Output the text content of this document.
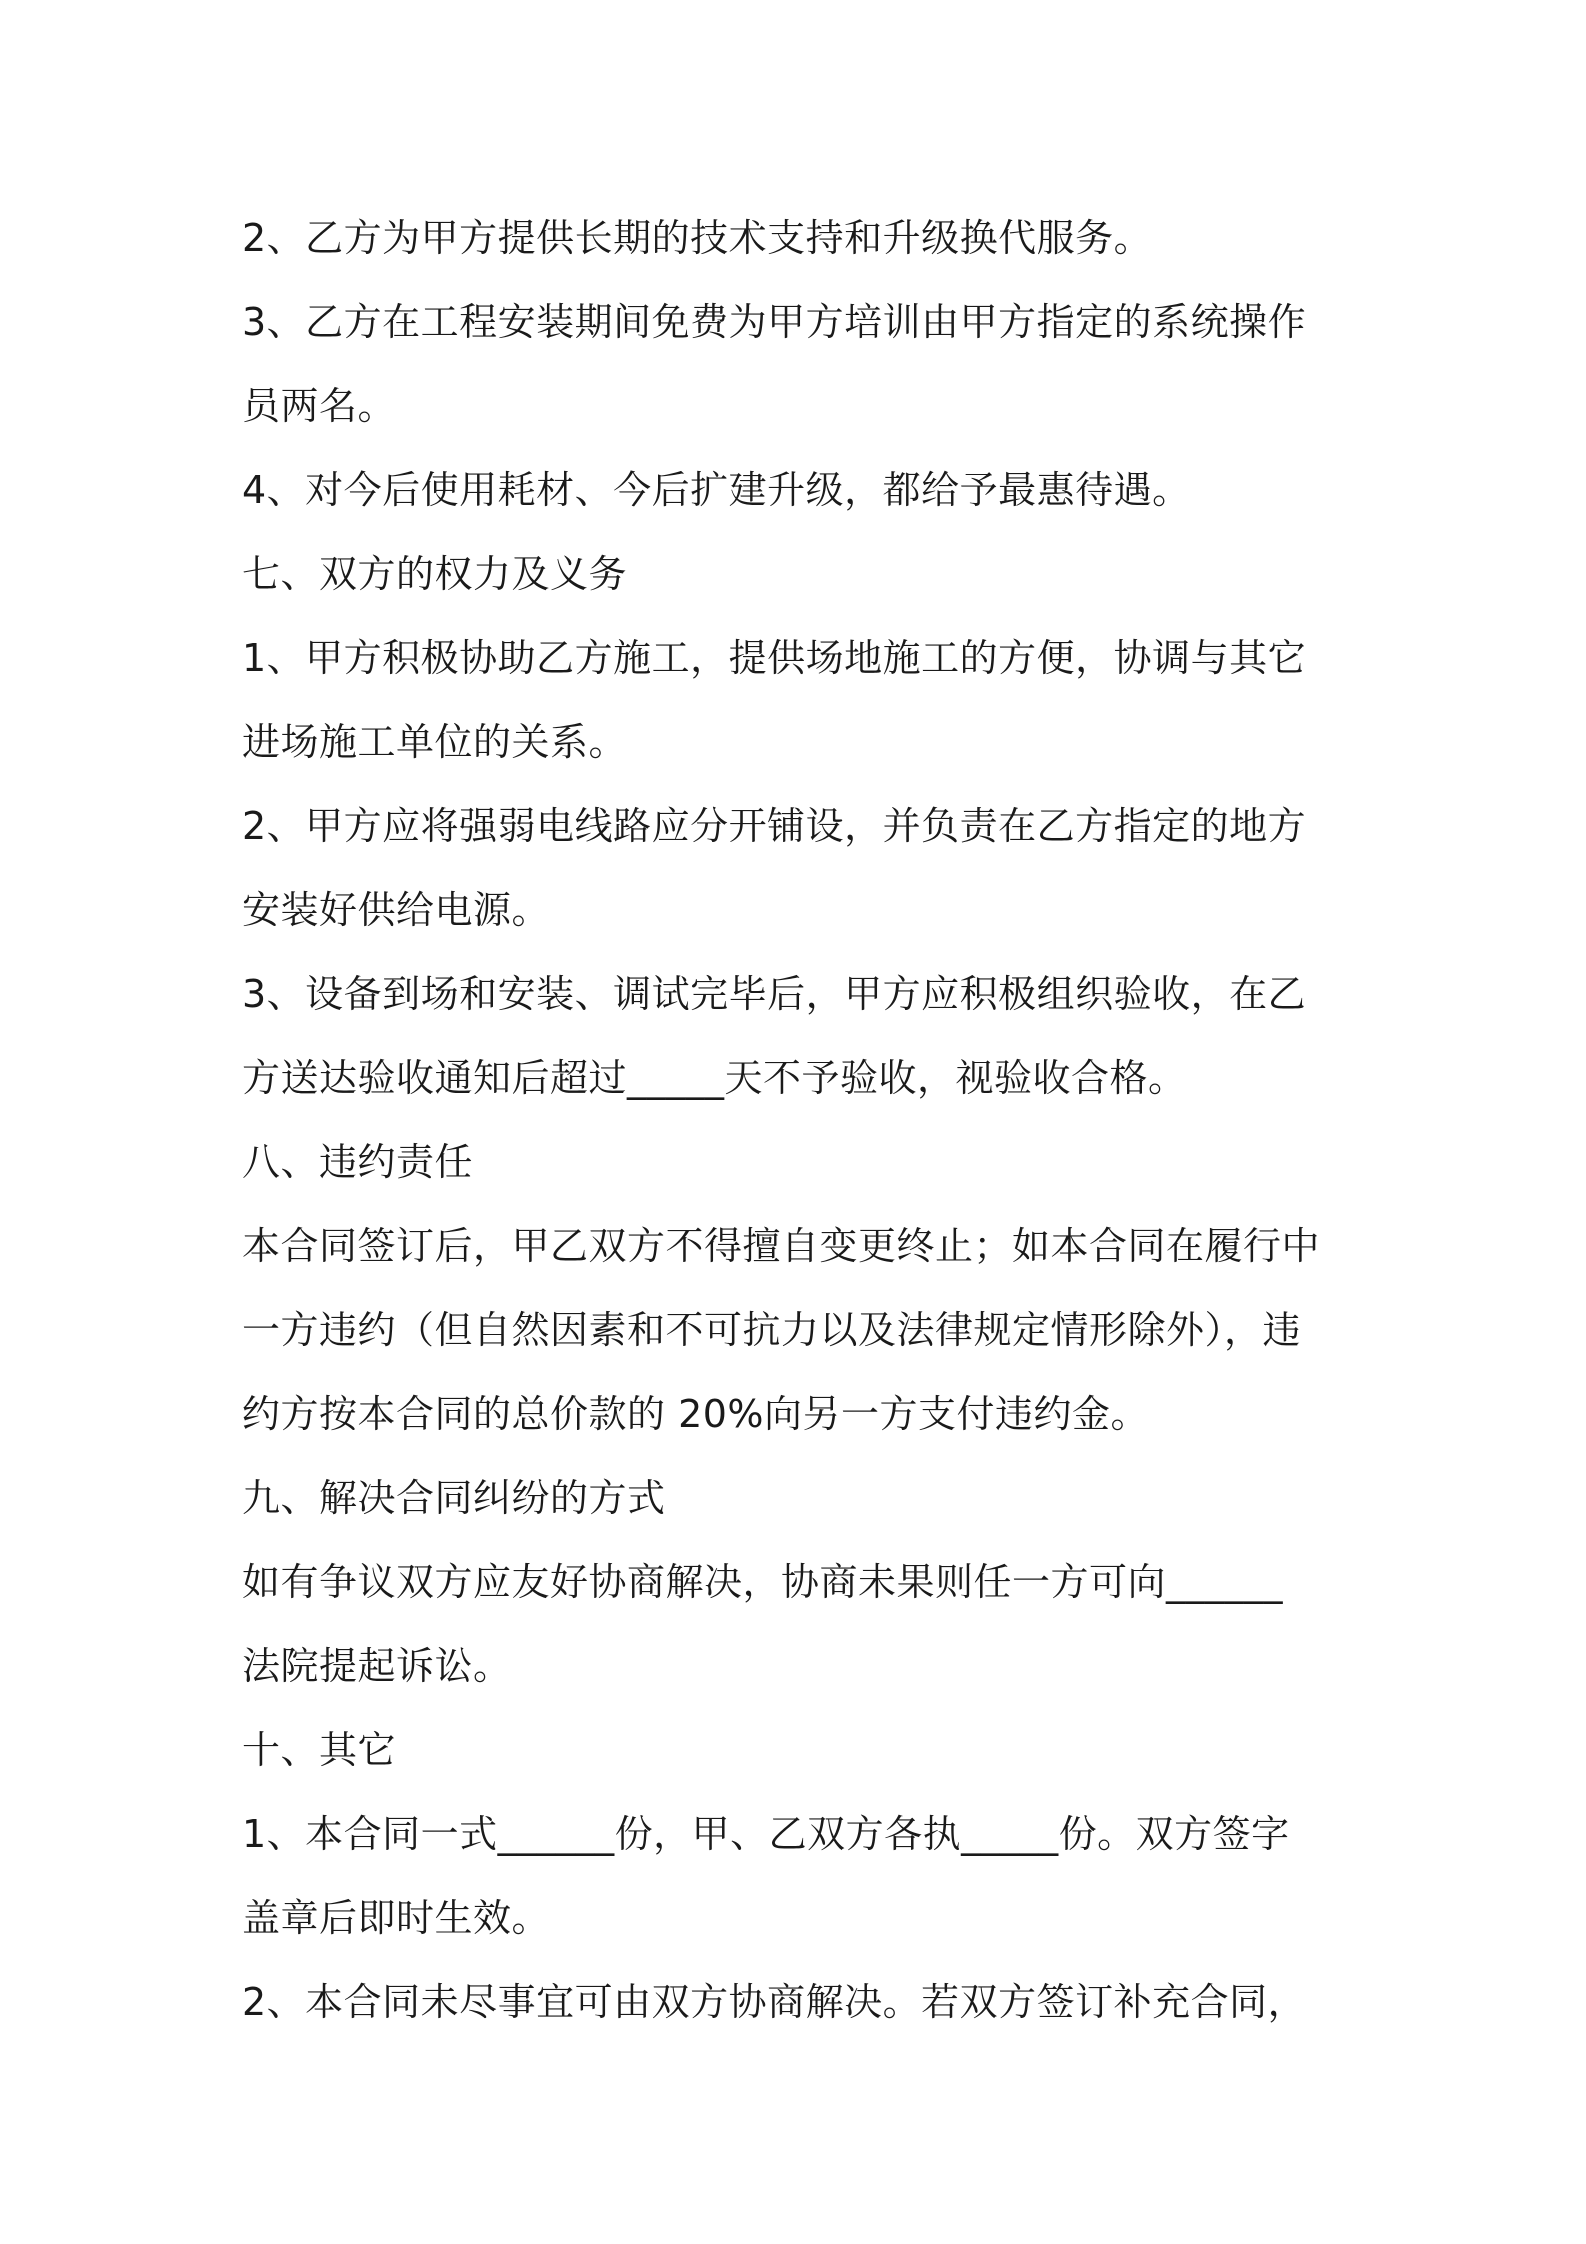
2、乙方为甲方提供长期的技术支持和升级换代服务。
3、乙方在工程安装期间免费为甲方培训由甲方指定的系统操作
员两名。
4、对今后使用耗材、今后扩建升级，都给予最惠待遇。
七、双方的权力及义务
1、甲方积极协助乙方施工，提供场地施工的方便，协调与其它
进场施工单位的关系。
2、甲方应将强弱电线路应分开铺设，并负责在乙方指定的地方
安装好供给电源。
3、设备到场和安装、调试完毕后，甲方应积极组织验收，在乙
方送达验收通知后超过_____天不予验收，视验收合格。
八、违约责任
本合同签订后，甲乙双方不得擅自变更终止；如本合同在履行中
一方违约（但自然因素和不可抗力以及法律规定情形除外），违
约方按本合同的总价款的 20%向另一方支付违约金。
九、解决合同纠纷的方式
如有争议双方应友好协商解决，协商未果则任一方可向______
法院提起诉讼。
十、其它
1、本合同一式______份，甲、乙双方各执_____份。双方签字
盖章后即时生效。
2、本合同未尽事宜可由双方协商解决。若双方签订补充合同，
